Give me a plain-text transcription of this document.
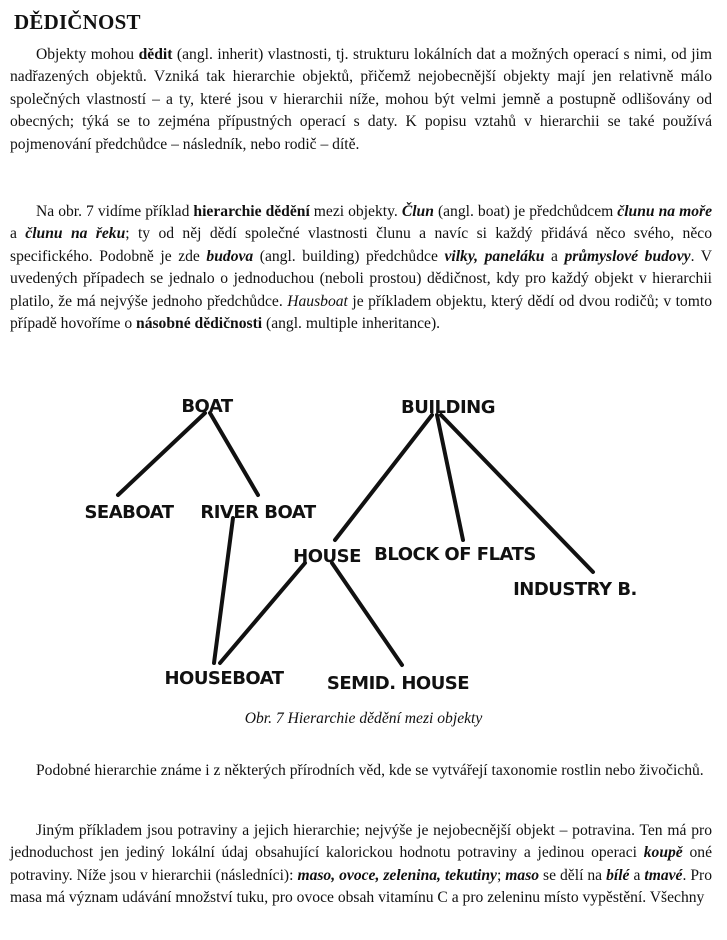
DĚDIČNOST

Objekty mohou dědit (angl. inherit) vlastnosti, tj. strukturu lokálních dat a možných operací s nimi, od jim nadřazených objektů. Vzniká tak hierarchie objektů, přičemž nejobecnější objekty mají jen relativně málo společných vlastností – a ty, které jsou v hierarchii níže, mohou být velmi jemně a postupně odlišovány od obecných; týká se to zejména přípustných operací s daty. K popisu vztahů v hierarchii se také používá pojmenování předchůdce – následník, nebo rodič – dítě.

Na obr. 7 vidíme příklad hierarchie dědění mezi objekty. Člun (angl. boat) je předchůdcem člunu na moře a člunu na řeku; ty od něj dědí společné vlastnosti člunu a navíc si každý přidává něco svého, něco specifického. Podobně je zde budova (angl. building) předchůdce vilky, paneláku a průmyslové budovy. V uvedených případech se jednalo o jednoduchou (neboli prostou) dědičnost, kdy pro každý objekt v hierarchii platilo, že má nejvýše jednoho předchůdce. Hausboat je příkladem objektu, který dědí od dvou rodičů; v tomto případě hovoříme o násobné dědičnosti (angl. multiple inheritance).

BOAT	BUILDING
SEABOAT RIVER BOAT
HOUSE BLOCK OF FLATS
INDUSTRY B.
HOUSEBOAT SEMID. HOUSE

Obr. 7 Hierarchie dědění mezi objekty

Podobné hierarchie známe i z některých přírodních věd, kde se vytvářejí taxonomie rostlin nebo živočichů.

Jiným příkladem jsou potraviny a jejich hierarchie; nejvýše je nejobecnější objekt – potravina. Ten má pro jednoduchost jen jediný lokální údaj obsahující kalorickou hodnotu potraviny a jedinou operaci koupě oné potraviny. Níže jsou v hierarchii (následníci): maso, ovoce, zelenina, tekutiny; maso se dělí na bílé a tmavé. Pro masa má význam udávání množství tuku, pro ovoce obsah vitamínu C a pro zeleninu místo vypěstění. Všechny
